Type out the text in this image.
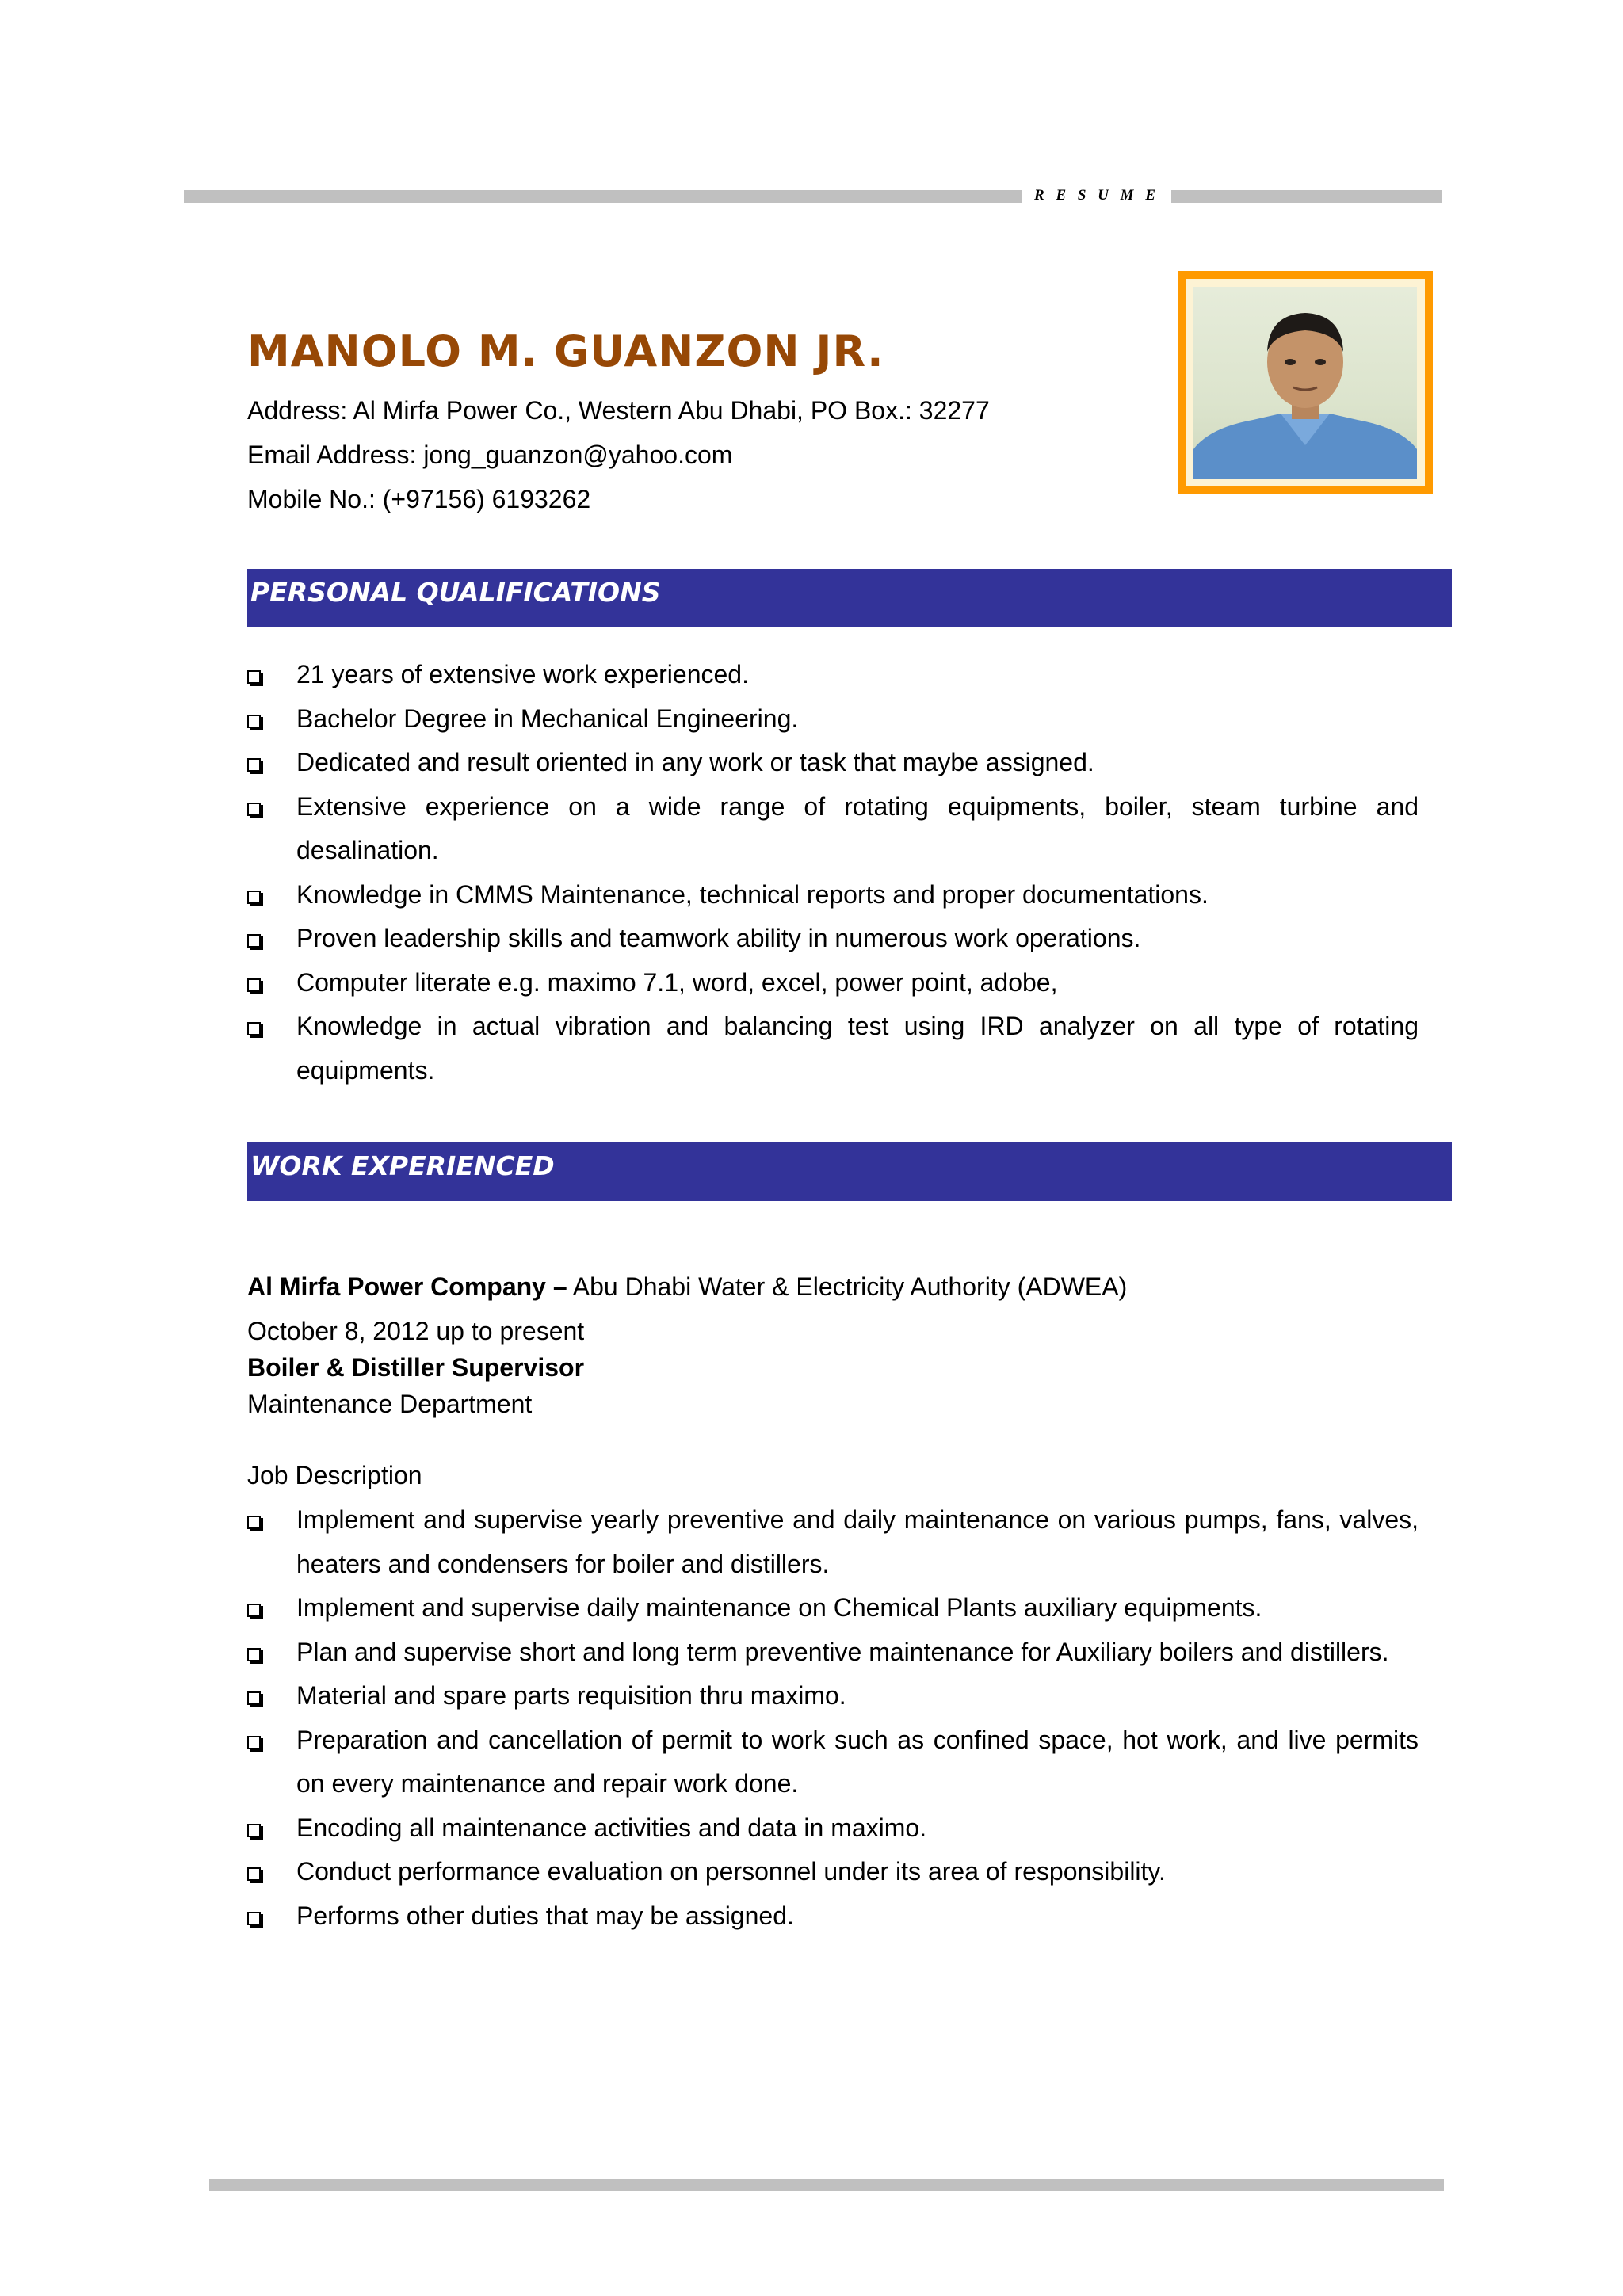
R E S U M E
MANOLO M. GUANZON JR.
Address: Al Mirfa Power Co., Western Abu Dhabi, PO Box.: 32277
Email Address: jong_guanzon@yahoo.com
Mobile No.: (+97156) 6193262
PERSONAL QUALIFICATIONS
21 years of extensive work experienced.
Bachelor Degree in Mechanical Engineering.
Dedicated and result oriented in any work or task that maybe assigned.
Extensive experience on a wide range of rotating equipments, boiler, steam turbine and desalination.
Knowledge in CMMS Maintenance, technical reports and proper documentations.
Proven leadership skills and teamwork ability in numerous work operations.
Computer literate e.g. maximo 7.1, word, excel, power point, adobe,
Knowledge in actual vibration and balancing test using IRD analyzer on all type of rotating equipments.
WORK EXPERIENCED
Al Mirfa Power Company – Abu Dhabi Water & Electricity Authority (ADWEA)
October 8, 2012 up to present
Boiler & Distiller Supervisor
Maintenance Department
Job Description
Implement and supervise yearly preventive and daily maintenance on various pumps, fans, valves, heaters and condensers for boiler and distillers.
Implement and supervise daily maintenance on Chemical Plants auxiliary equipments.
Plan and supervise short and long term preventive maintenance for Auxiliary boilers and distillers.
Material and spare parts requisition thru maximo.
Preparation and cancellation of permit to work such as confined space, hot work, and live permits on every maintenance and repair work done.
Encoding all maintenance activities and data in maximo.
Conduct performance evaluation on personnel under its area of responsibility.
Performs other duties that may be assigned.
